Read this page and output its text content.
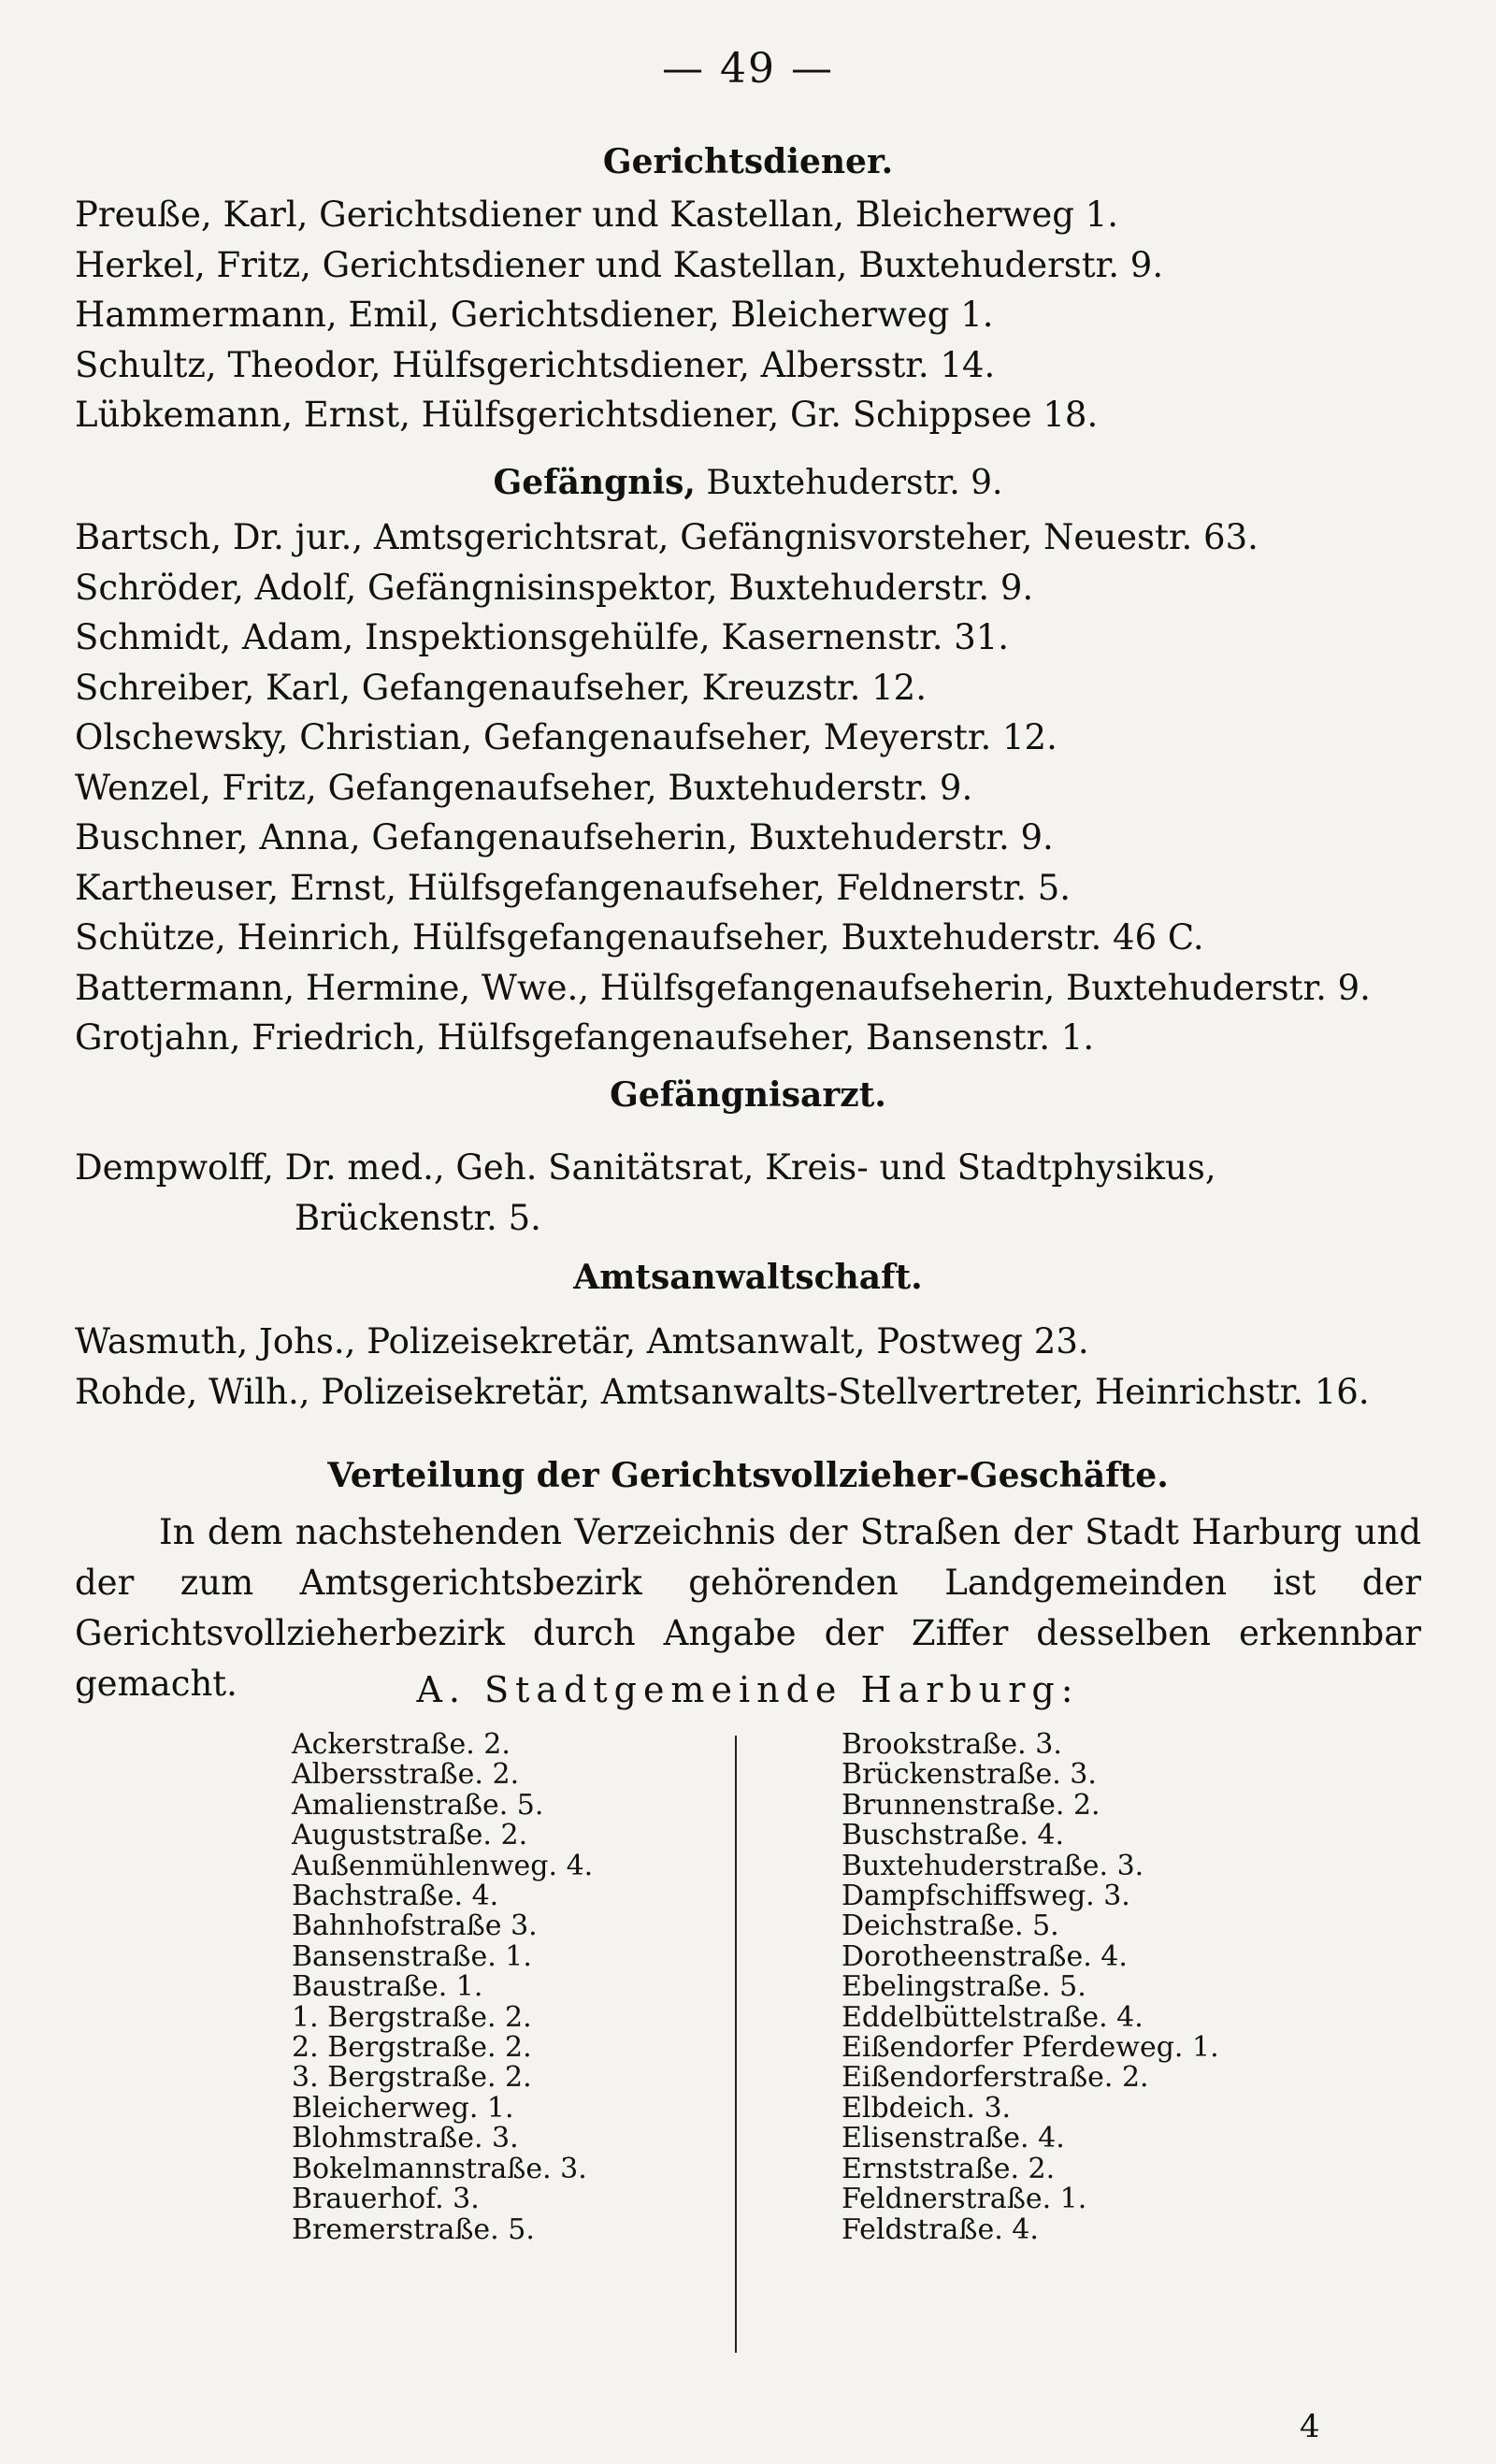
— 49 —
Gerichtsdiener.
Preuße, Karl, Gerichtsdiener und Kastellan, Bleicherweg 1.
Herkel, Fritz, Gerichtsdiener und Kastellan, Buxtehuderstr. 9.
Hammermann, Emil, Gerichtsdiener, Bleicherweg 1.
Schultz, Theodor, Hülfsgerichtsdiener, Albersstr. 14.
Lübkemann, Ernst, Hülfsgerichtsdiener, Gr. Schippsee 18.
Gefängnis, Buxtehuderstr. 9.
Bartsch, Dr. jur., Amtsgerichtsrat, Gefängnisvorsteher, Neuestr. 63.
Schröder, Adolf, Gefängnisinspektor, Buxtehuderstr. 9.
Schmidt, Adam, Inspektionsgehülfe, Kasernenstr. 31.
Schreiber, Karl, Gefangenaufseher, Kreuzstr. 12.
Olschewsky, Christian, Gefangenaufseher, Meyerstr. 12.
Wenzel, Fritz, Gefangenaufseher, Buxtehuderstr. 9.
Buschner, Anna, Gefangenaufseherin, Buxtehuderstr. 9.
Kartheuser, Ernst, Hülfsgefangenaufseher, Feldnerstr. 5.
Schütze, Heinrich, Hülfsgefangenaufseher, Buxtehuderstr. 46 C.
Battermann, Hermine, Wwe., Hülfsgefangenaufseherin, Buxtehuderstr. 9.
Grotjahn, Friedrich, Hülfsgefangenaufseher, Bansenstr. 1.
Gefängnisarzt.
Dempwolff, Dr. med., Geh. Sanitätsrat, Kreis- und Stadtphysikus,
Brückenstr. 5.
Amtsanwaltschaft.
Wasmuth, Johs., Polizeisekretär, Amtsanwalt, Postweg 23.
Rohde, Wilh., Polizeisekretär, Amtsanwalts-Stellvertreter, Heinrichstr. 16.
Verteilung der Gerichtsvollzieher-Geschäfte.
In dem nachstehenden Verzeichnis der Straßen der Stadt Harburg und der zum Amtsgerichtsbezirk gehörenden Landgemeinden ist der Gerichtsvollzieherbezirk durch Angabe der Ziffer desselben erkennbar gemacht.	A. Stadtgemeinde Harburg:
Ackerstraße. 2.
Albersstraße. 2.
Amalienstraße. 5.
Auguststraße. 2.
Außenmühlenweg. 4.
Bachstraße. 4.
Bahnhofstraße 3.
Bansenstraße. 1.
Baustraße. 1.
1. Bergstraße. 2.
2. Bergstraße. 2.
3. Bergstraße. 2.
Bleicherweg. 1.
Blohmstraße. 3.
Bokelmannstraße. 3.
Brauerhof. 3.
Bremerstraße. 5.
Brookstraße. 3.
Brückenstraße. 3.
Brunnenstraße. 2.
Buschstraße. 4.
Buxtehuderstraße. 3.
Dampfschiffsweg. 3.
Deichstraße. 5.
Dorotheenstraße. 4.
Ebelingstraße. 5.
Eddelbüttelstraße. 4.
Eißendorfer Pferdeweg. 1.
Eißendorferstraße. 2.
Elbdeich. 3.
Elisenstraße. 4.
Ernststraße. 2.
Feldnerstraße. 1.
Feldstraße. 4.
4
